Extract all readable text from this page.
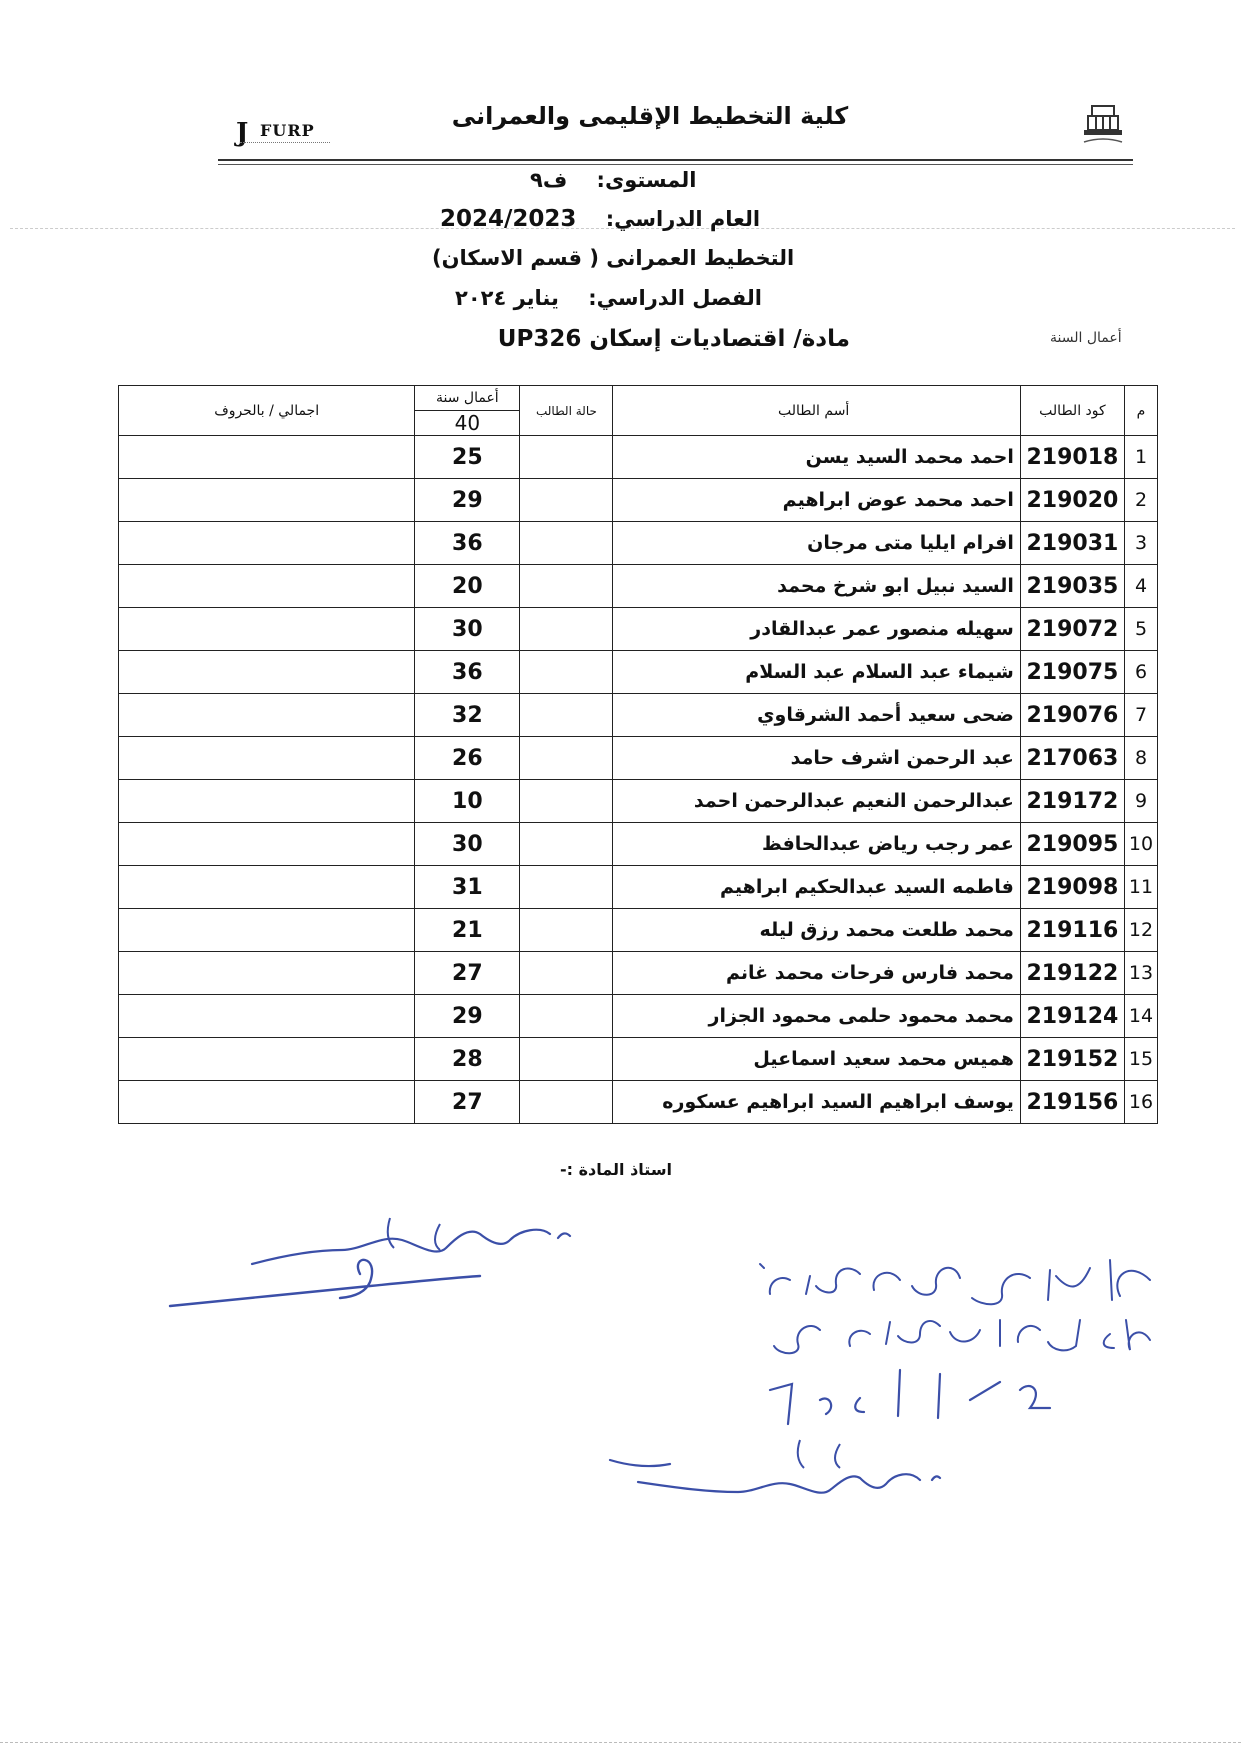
كلية التخطيط الإقليمى والعمرانى
J FURP
المستوى: ف٩
العام الدراسي: 2024/2023
التخطيط العمرانى ( قسم الاسكان)
الفصل الدراسي: يناير ٢٠٢٤
مادة/ اقتصاديات إسكان UP326	أعمال السنة
م	كود الطالب	أسم الطالب	حالة الطالب	أعمال سنة	اجمالي / بالحروف
				40	
1	219018	احمد محمد السيد يسن		25	
2	219020	احمد محمد عوض ابراهيم		29	
3	219031	افرام ايليا متى مرجان		36	
4	219035	السيد نبيل ابو شرخ محمد		20	
5	219072	سهيله منصور عمر عبدالقادر		30	
6	219075	شيماء عبد السلام عبد السلام		36	
7	219076	ضحى سعيد أحمد الشرقاوي		32	
8	217063	عبد الرحمن اشرف حامد		26	
9	219172	عبدالرحمن النعيم عبدالرحمن احمد		10	
10	219095	عمر رجب رياض عبدالحافظ		30	
11	219098	فاطمه السيد عبدالحكيم ابراهيم		31	
12	219116	محمد طلعت محمد رزق ليله		21	
13	219122	محمد فارس فرحات محمد غانم		27	
14	219124	محمد محمود حلمى محمود الجزار		29	
15	219152	هميس محمد سعيد اسماعيل		28	
16	219156	يوسف ابراهيم السيد ابراهيم عسكوره		27	
استاذ المادة :-
